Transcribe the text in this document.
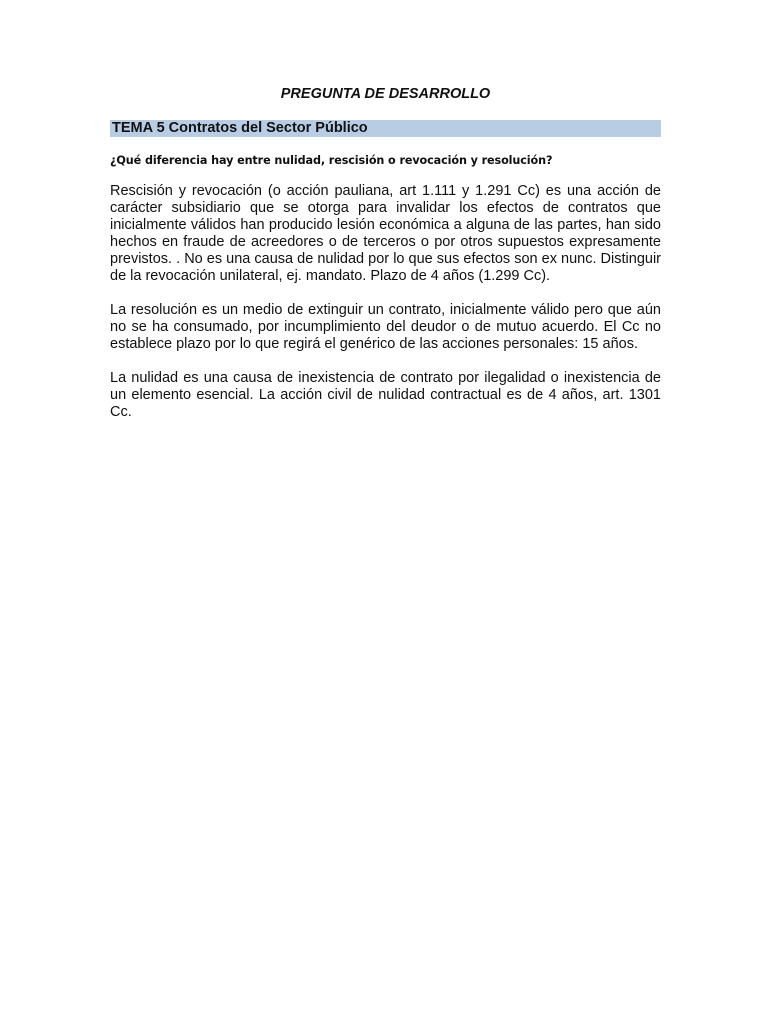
PREGUNTA DE DESARROLLO
TEMA 5 Contratos del Sector Público
¿Qué diferencia hay entre nulidad, rescisión o revocación y resolución?

Rescisión y revocación (o acción pauliana, art 1.111 y 1.291 Cc) es una acción de carácter subsidiario que se otorga para invalidar los efectos de contratos que inicialmente válidos han producido lesión económica a alguna de las partes, han sido hechos en fraude de acreedores o de terceros o por otros supuestos expresamente previstos. . No es una causa de nulidad por lo que sus efectos son ex nunc. Distinguir de la revocación unilateral, ej. mandato. Plazo de 4 años (1.299 Cc).

La resolución es un medio de extinguir un contrato, inicialmente válido pero que aún no se ha consumado, por incumplimiento del deudor o de mutuo acuerdo. El Cc no establece plazo por lo que regirá el genérico de las acciones personales: 15 años.

La nulidad es una causa de inexistencia de contrato por ilegalidad o inexistencia de un elemento esencial. La acción civil de nulidad contractual es de 4 años, art. 1301 Cc.
